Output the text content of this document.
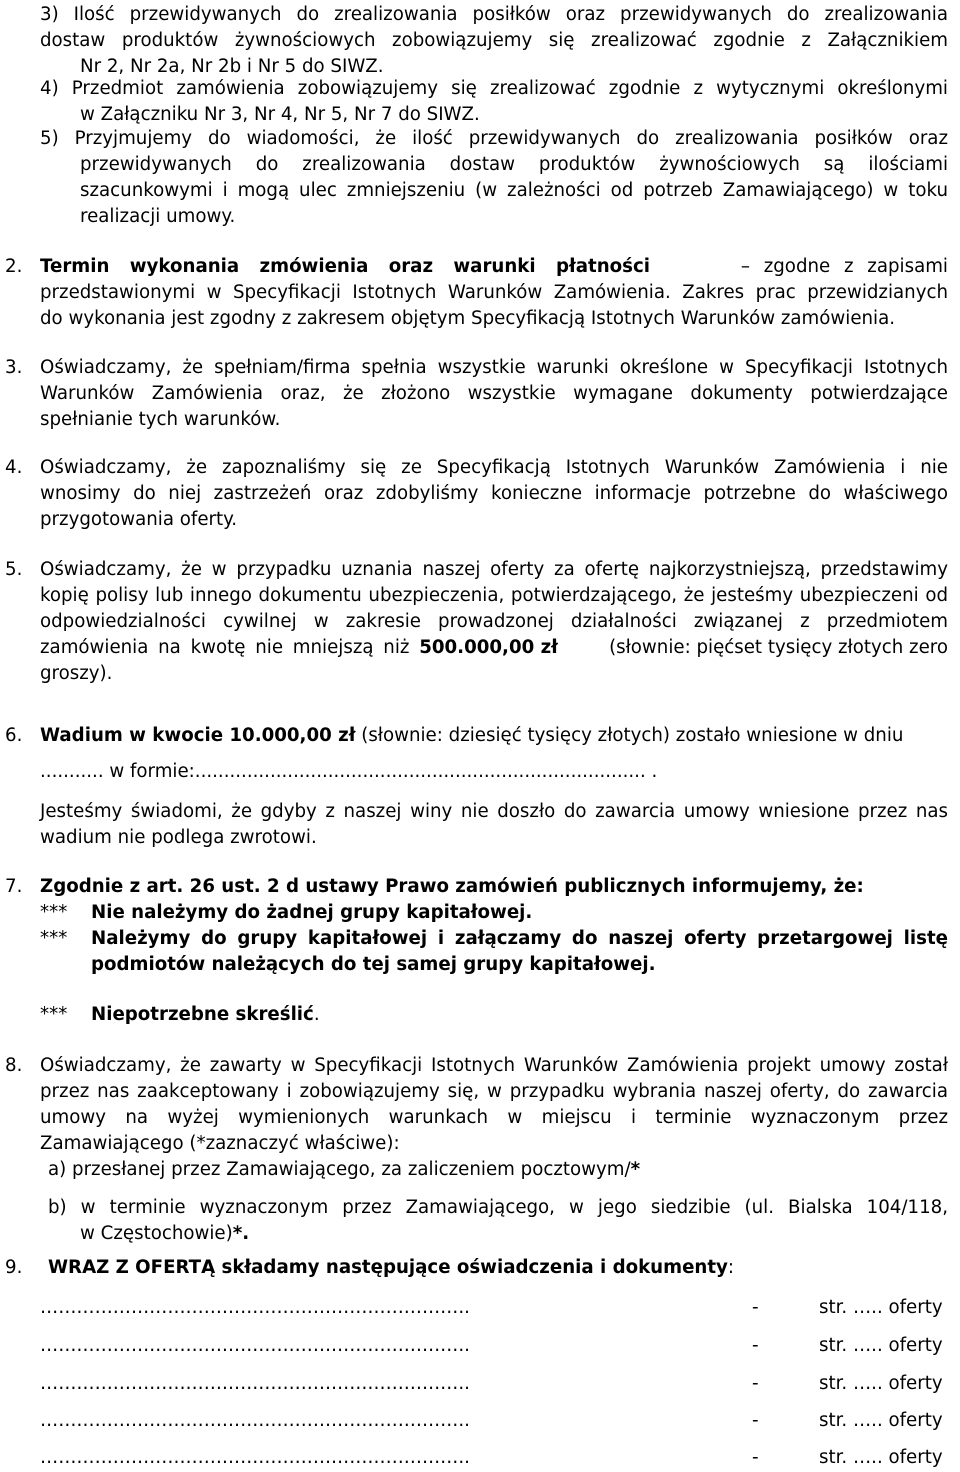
3) Ilość przewidywanych do zrealizowania posiłków oraz przewidywanych do zrealizowania
dostaw produktów żywnościowych zobowiązujemy się zrealizować zgodnie z Załącznikiem
Nr 2, Nr 2a, Nr 2b i Nr 5 do SIWZ.
4) Przedmiot zamówienia zobowiązujemy się zrealizować zgodnie z wytycznymi określonymi
w Załączniku Nr 3, Nr 4, Nr 5, Nr 7 do SIWZ.
5) Przyjmujemy do wiadomości, że ilość przewidywanych do zrealizowania posiłków oraz
przewidywanych do zrealizowania dostaw produktów żywnościowych są ilościami
szacunkowymi i mogą ulec zmniejszeniu (w zależności od potrzeb Zamawiającego) w toku
realizacji umowy.
2. Termin wykonania zmówienia oraz warunki płatności	– zgodne z zapisami
przedstawionymi w Specyfikacji Istotnych Warunków Zamówienia. Zakres prac przewidzianych
do wykonania jest zgodny z zakresem objętym Specyfikacją Istotnych Warunków zamówienia.
3. Oświadczamy, że spełniam/firma spełnia wszystkie warunki określone w Specyfikacji Istotnych
Warunków Zamówienia oraz, że złożono wszystkie wymagane dokumenty potwierdzające
spełnianie tych warunków.
4. Oświadczamy, że zapoznaliśmy się ze Specyfikacją Istotnych Warunków Zamówienia i nie
wnosimy do niej zastrzeżeń oraz zdobyliśmy konieczne informacje potrzebne do właściwego
przygotowania oferty.
5. Oświadczamy, że w przypadku uznania naszej oferty za ofertę najkorzystniejszą, przedstawimy
kopię polisy lub innego dokumentu ubezpieczenia, potwierdzającego, że jesteśmy ubezpieczeni od
odpowiedzialności cywilnej w zakresie prowadzonej działalności związanej z przedmiotem
zamówienia na kwotę nie mniejszą niż 500.000,00 zł	(słownie: pięćset tysięcy złotych zero
groszy).
6. Wadium w kwocie 10.000,00 zł (słownie: dziesięć tysięcy złotych) zostało wniesione w dniu
........... w formie:.............................................................................. .
Jesteśmy świadomi, że gdyby z naszej winy nie doszło do zawarcia umowy wniesione przez nas
wadium nie podlega zwrotowi.
7. Zgodnie z art. 26 ust. 2 d ustawy Prawo zamówień publicznych informujemy, że:
*** Nie należymy do żadnej grupy kapitałowej.
*** Należymy do grupy kapitałowej i załączamy do naszej oferty przetargowej listę
podmiotów należących do tej samej grupy kapitałowej.
*** Niepotrzebne skreślić.
8. Oświadczamy, że zawarty w Specyfikacji Istotnych Warunków Zamówienia projekt umowy został
przez nas zaakceptowany i zobowiązujemy się, w przypadku wybrania naszej oferty, do zawarcia
umowy na wyżej wymienionych warunkach w miejscu i terminie wyznaczonym przez
Zamawiającego (*zaznaczyć właściwe):
a) przesłanej przez Zamawiającego, za zaliczeniem pocztowym/*
b) w terminie wyznaczonym przez Zamawiającego, w jego siedzibie (ul. Bialska 104/118,
w Częstochowie)*.
9. WRAZ Z OFERTĄ składamy następujące oświadczenia i dokumenty:
……………………………………………………………..	-	str. ….. oferty
……………………………………………………………..	-	str. ….. oferty
……………………………………………………………..	-	str. ….. oferty
……………………………………………………………..	-	str. ….. oferty
……………………………………………………………..	-	str. ….. oferty
